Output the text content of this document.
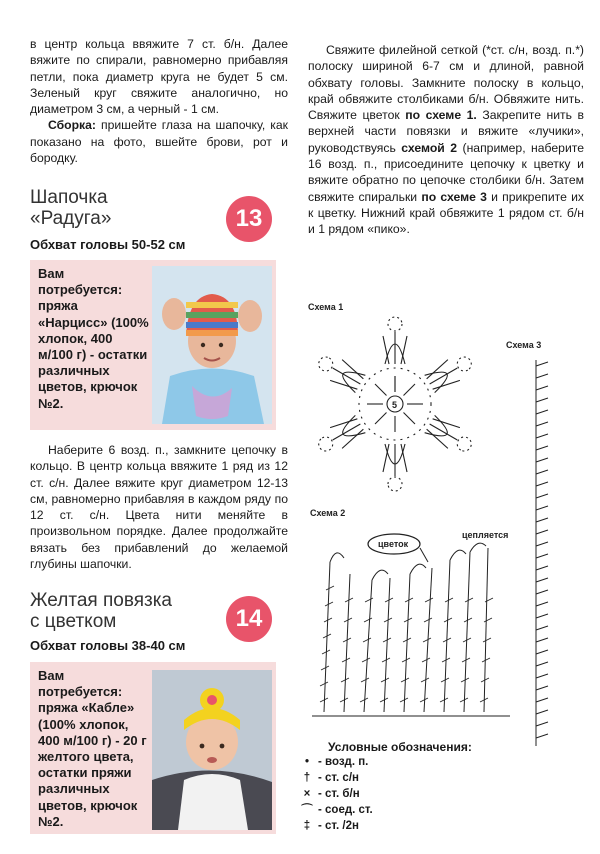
в центр кольца ввяжите 7 ст. б/н. Далее вяжите по спирали, равномерно прибавляя петли, пока диаметр круга не будет 5 см. Зеленый круг свяжите аналогично, но диаметром 3 см, а черный - 1 см.

Сборка: пришейте глаза на шапочку, как показано на фото, вшейте брови, рот и бородку.

Шапочка
«Радуга»	13

Обхват головы 50-52 см

Вам потребуется: пряжа «Нарцисс» (100% хлопок, 400 м/100 г) - остатки различных цветов, крючок №2.

Наберите 6 возд. п., замкните цепочку в кольцо. В центр кольца ввяжите 1 ряд из 12 ст. с/н. Далее вяжите круг диаметром 12-13 см, равномерно прибавляя в каждом ряду по 12 ст. с/н. Цвета нити меняйте в произвольном порядке. Далее продолжайте вязать без прибавлений до желаемой глубины шапочки.

Желтая повязка
с цветком	14

Обхват головы 38-40 см

Вам потребуется: пряжа «Кабле» (100% хлопок, 400 м/100 г) - 20 г желтого цвета, остатки пряжи различных цветов, крючок №2.

Свяжите филейной сеткой (*ст. с/н, возд. п.*) полоску шириной 6-7 см и длиной, равной обхвату головы. Замкните полоску в кольцо, край обвяжите столбиками б/н. Обвяжите нить. Свяжите цветок по схеме 1. Закрепите нить в верхней части повязки и вяжите «лучики», руководствуясь схемой 2 (например, наберите 16 возд. п., присоедините цепочку к цветку и вяжите обратно по цепочке столбики б/н. Затем свяжите спиральки по схеме 3 и прикрепите их к цветку. Нижний край обвяжите 1 рядом ст. б/н и 1 рядом «пико».

Схема 1
5
Схема 3
Схема 2
цветок
цепляется
Условные обозначения:
• - возд. п.
† - ст. с/н
× - ст. б/н
⌒ - соед. ст.
‡ - ст. /2н
